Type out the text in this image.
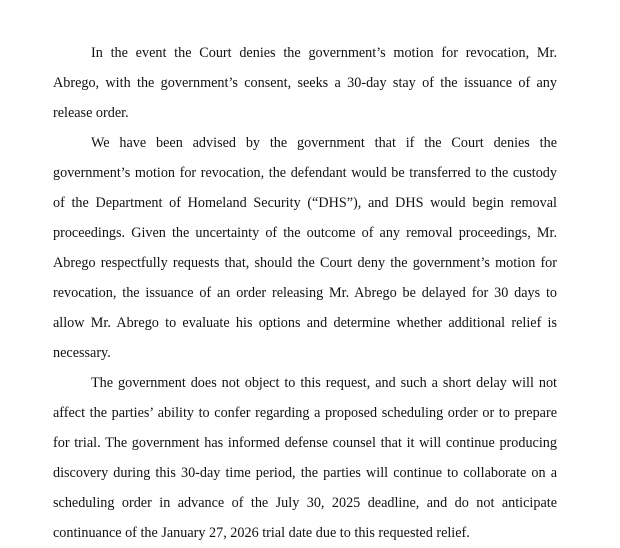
In the event the Court denies the government’s motion for revocation, Mr. Abrego, with the government’s consent, seeks a 30-day stay of the issuance of any release order.

We have been advised by the government that if the Court denies the government’s motion for revocation, the defendant would be transferred to the custody of the Department of Homeland Security (“DHS”), and DHS would begin removal proceedings. Given the uncertainty of the outcome of any removal proceedings, Mr. Abrego respectfully requests that, should the Court deny the government’s motion for revocation, the issuance of an order releasing Mr. Abrego be delayed for 30 days to allow Mr. Abrego to evaluate his options and determine whether additional relief is necessary.

The government does not object to this request, and such a short delay will not affect the parties’ ability to confer regarding a proposed scheduling order or to prepare for trial. The government has informed defense counsel that it will continue producing discovery during this 30-day time period, the parties will continue to collaborate on a scheduling order in advance of the July 30, 2025 deadline, and do not anticipate continuance of the January 27, 2026 trial date due to this requested relief.
